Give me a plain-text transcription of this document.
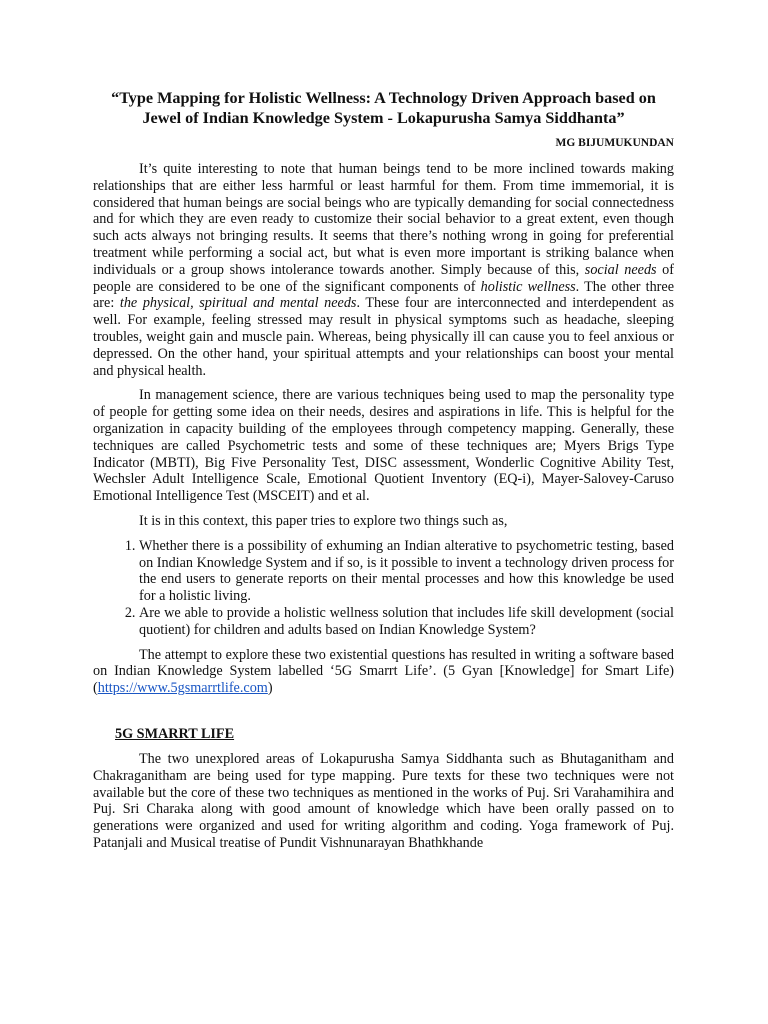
“Type Mapping for Holistic Wellness: A Technology Driven Approach based on Jewel of Indian Knowledge System - Lokapurusha Samya Siddhanta”
MG BIJUMUKUNDAN

It’s quite interesting to note that human beings tend to be more inclined towards making relationships that are either less harmful or least harmful for them. From time immemorial, it is considered that human beings are social beings who are typically demanding for social connectedness and for which they are even ready to customize their social behavior to a great extent, even though such acts always not bringing results. It seems that there’s nothing wrong in going for preferential treatment while performing a social act, but what is even more important is striking balance when individuals or a group shows intolerance towards another. Simply because of this, social needs of people are considered to be one of the significant components of holistic wellness. The other three are: the physical, spiritual and mental needs. These four are interconnected and interdependent as well. For example, feeling stressed may result in physical symptoms such as headache, sleeping troubles, weight gain and muscle pain. Whereas, being physically ill can cause you to feel anxious or depressed. On the other hand, your spiritual attempts and your relationships can boost your mental and physical health.

In management science, there are various techniques being used to map the personality type of people for getting some idea on their needs, desires and aspirations in life. This is helpful for the organization in capacity building of the employees through competency mapping. Generally, these techniques are called Psychometric tests and some of these techniques are; Myers Brigs Type Indicator (MBTI), Big Five Personality Test, DISC assessment, Wonderlic Cognitive Ability Test, Wechsler Adult Intelligence Scale, Emotional Quotient Inventory (EQ-i), Mayer-Salovey-Caruso Emotional Intelligence Test (MSCEIT) and et al.

It is in this context, this paper tries to explore two things such as,

1. Whether there is a possibility of exhuming an Indian alterative to psychometric testing, based on Indian Knowledge System and if so, is it possible to invent a technology driven process for the end users to generate reports on their mental processes and how this knowledge be used for a holistic living.
2. Are we able to provide a holistic wellness solution that includes life skill development (social quotient) for children and adults based on Indian Knowledge System?

The attempt to explore these two existential questions has resulted in writing a software based on Indian Knowledge System labelled ‘5G Smarrt Life’. (5 Gyan [Knowledge] for Smart Life) (https://www.5gsmarrtlife.com)

5G SMARRT LIFE

The two unexplored areas of Lokapurusha Samya Siddhanta such as Bhutaganitham and Chakraganitham are being used for type mapping. Pure texts for these two techniques were not available but the core of these two techniques as mentioned in the works of Puj. Sri Varahamihira and Puj. Sri Charaka along with good amount of knowledge which have been orally passed on to generations were organized and used for writing algorithm and coding. Yoga framework of Puj. Patanjali and Musical treatise of Pundit Vishnunarayan Bhathkhande
